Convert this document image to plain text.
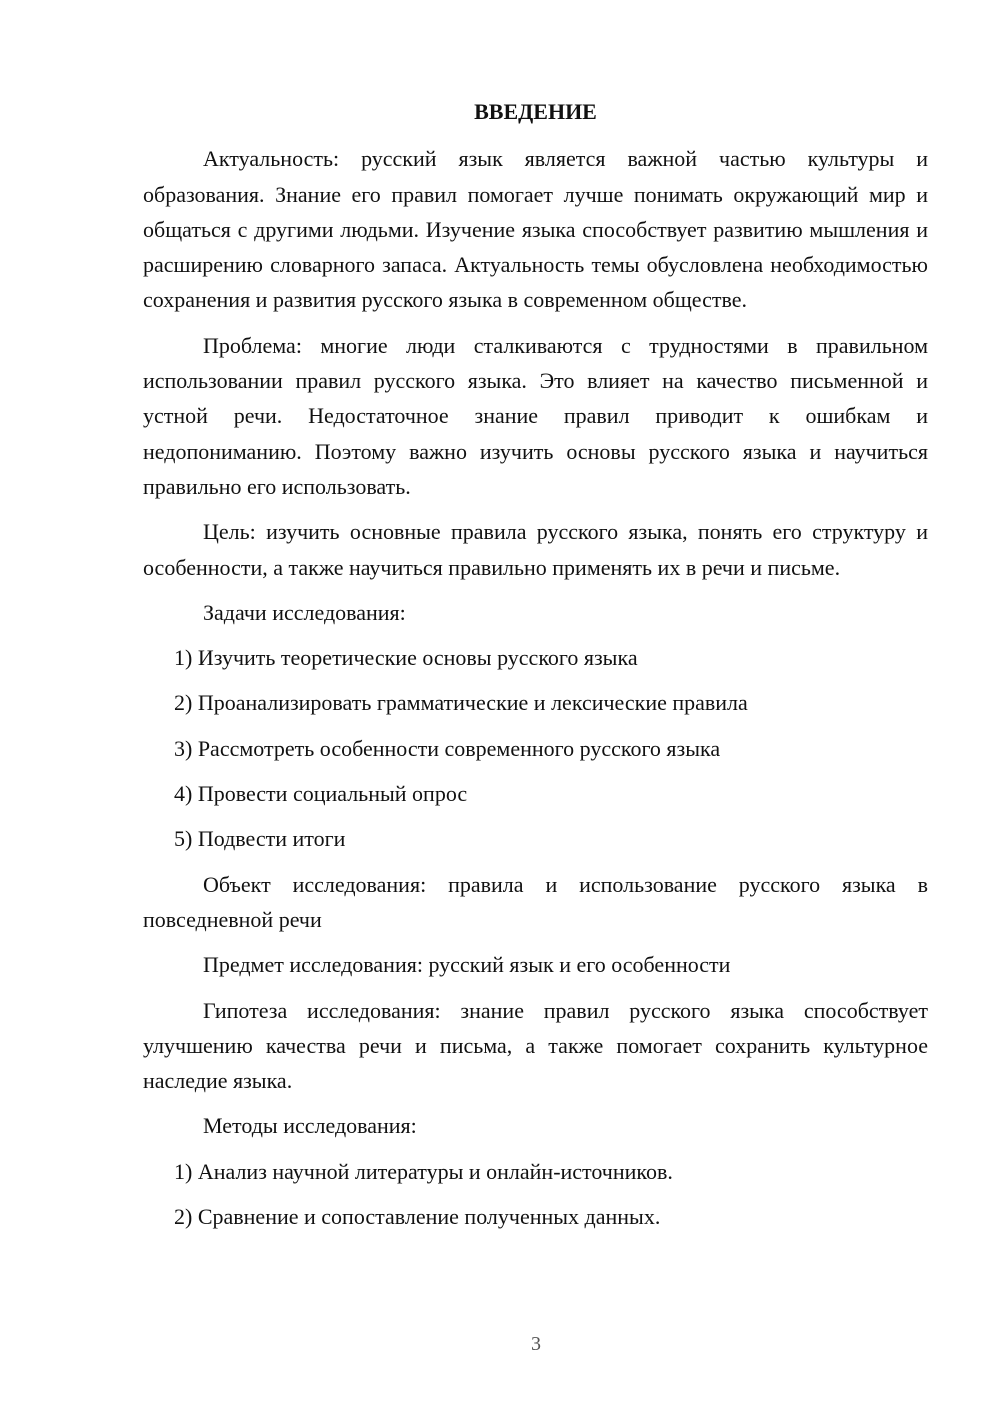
ВВЕДЕНИЕ

Актуальность: русский язык является важной частью культуры и образования. Знание его правил помогает лучше понимать окружающий мир и общаться с другими людьми. Изучение языка способствует развитию мышления и расширению словарного запаса. Актуальность темы обусловлена необходимостью сохранения и развития русского языка в современном обществе.

Проблема: многие люди сталкиваются с трудностями в правильном использовании правил русского языка. Это влияет на качество письменной и устной речи. Недостаточное знание правил приводит к ошибкам и недопониманию. Поэтому важно изучить основы русского языка и научиться правильно его использовать.

Цель: изучить основные правила русского языка, понять его структуру и особенности, а также научиться правильно применять их в речи и письме.

Задачи исследования:

1) Изучить теоретические основы русского языка
2) Проанализировать грамматические и лексические правила
3) Рассмотреть особенности современного русского языка
4) Провести социальный опрос
5) Подвести итоги

Объект исследования: правила и использование русского языка в повседневной речи

Предмет исследования: русский язык и его особенности

Гипотеза исследования: знание правил русского языка способствует улучшению качества речи и письма, а также помогает сохранить культурное наследие языка.

Методы исследования:

1) Анализ научной литературы и онлайн-источников.
2) Сравнение и сопоставление полученных данных.
3
